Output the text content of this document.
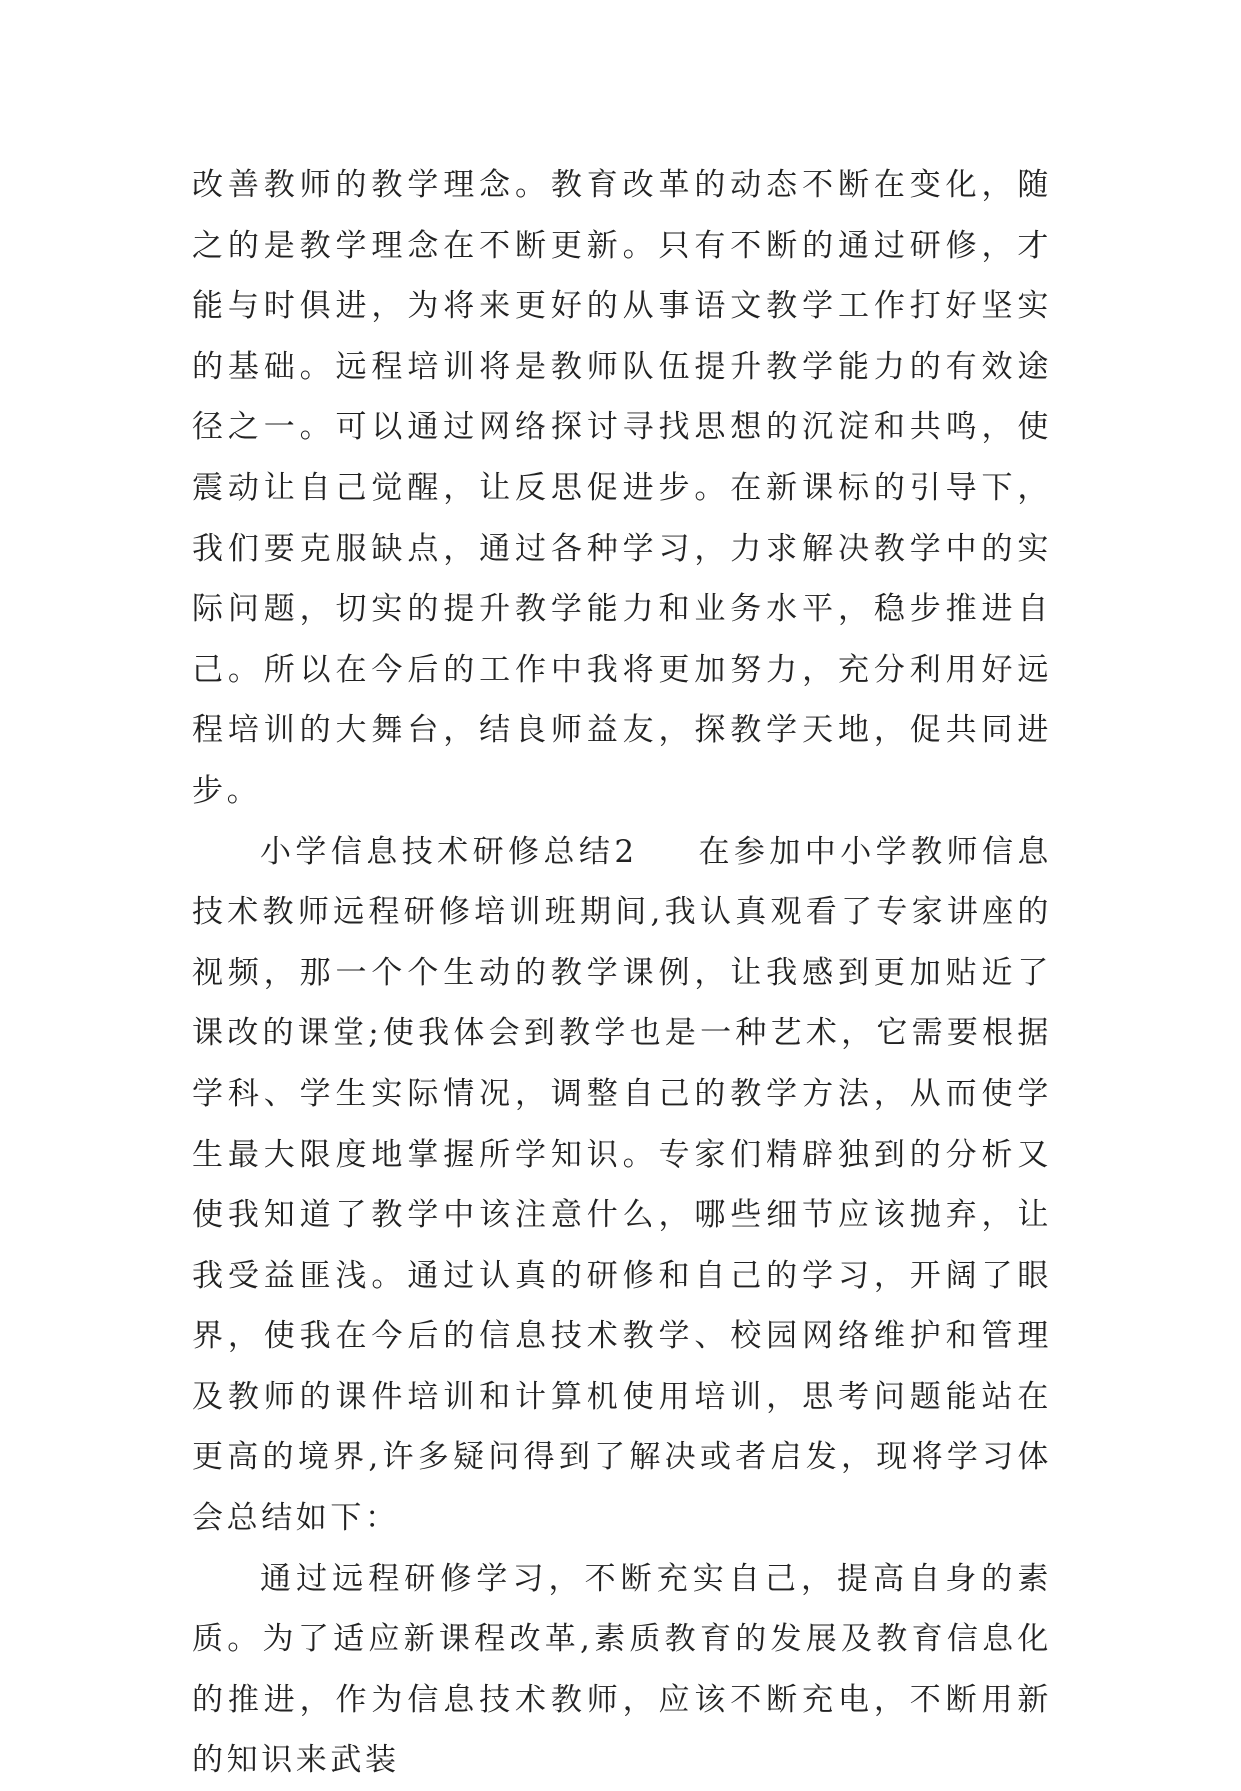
改善教师的教学理念。教育改革的动态不断在变化，随之的是教学理念在不断更新。只有不断的通过研修，才能与时俱进，为将来更好的从事语文教学工作打好坚实的基础。远程培训将是教师队伍提升教学能力的有效途径之一。可以通过网络探讨寻找思想的沉淀和共鸣，使震动让自己觉醒，让反思促进步。在新课标的引导下，我们要克服缺点，通过各种学习，力求解决教学中的实际问题，切实的提升教学能力和业务水平，稳步推进自己。所以在今后的工作中我将更加努力，充分利用好远程培训的大舞台，结良师益友，探教学天地，促共同进步。

小学信息技术研修总结2 在参加中小学教师信息技术教师远程研修培训班期间,我认真观看了专家讲座的视频，那一个个生动的教学课例，让我感到更加贴近了课改的课堂;使我体会到教学也是一种艺术，它需要根据学科、学生实际情况，调整自己的教学方法，从而使学生最大限度地掌握所学知识。专家们精辟独到的分析又使我知道了教学中该注意什么，哪些细节应该抛弃，让我受益匪浅。通过认真的研修和自己的学习，开阔了眼界，使我在今后的信息技术教学、校园网络维护和管理及教师的课件培训和计算机使用培训，思考问题能站在更高的境界,许多疑问得到了解决或者启发，现将学习体会总结如下：

通过远程研修学习，不断充实自己，提高自身的素质。为了适应新课程改革,素质教育的发展及教育信息化的推进，作为信息技术教师，应该不断充电，不断用新的知识来武装
